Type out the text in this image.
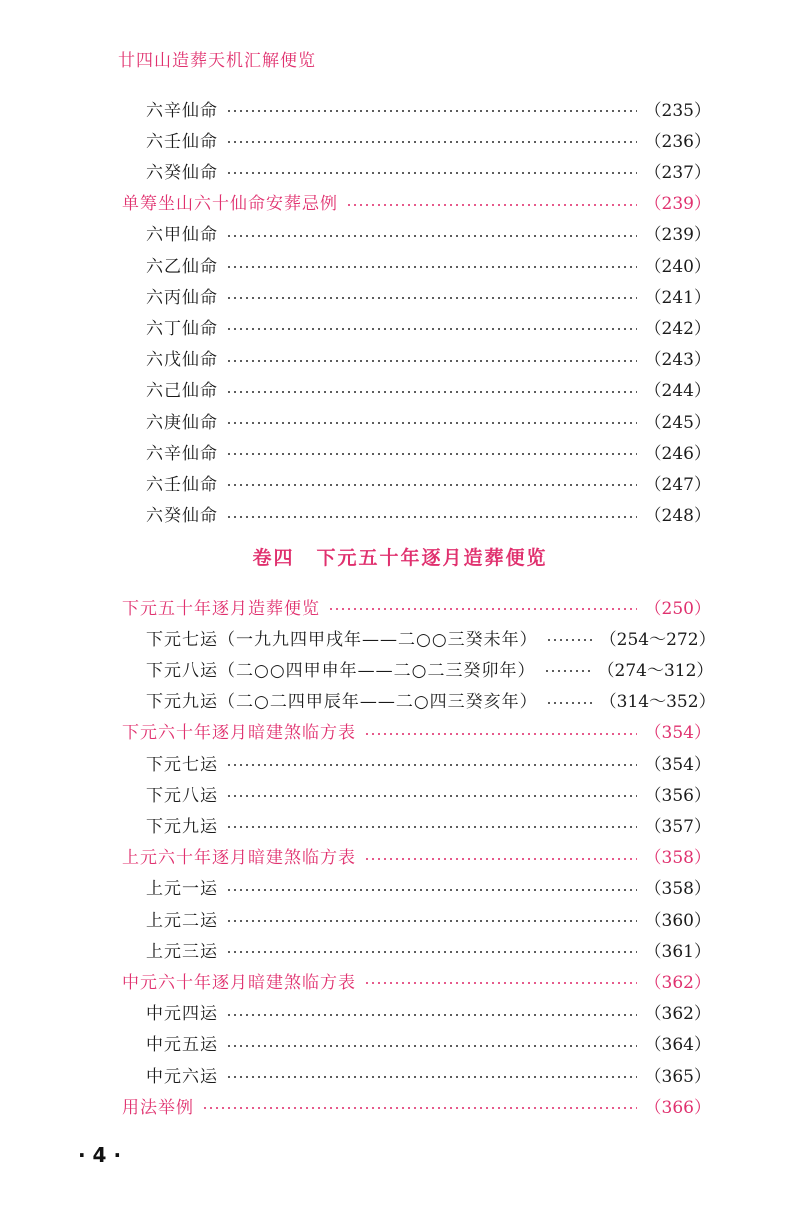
廿四山造葬天机汇解便览
六辛仙命	（235）
六壬仙命	（236）
六癸仙命	（237）
单筹坐山六十仙命安葬忌例	（239）
六甲仙命	（239）
六乙仙命	（240）
六丙仙命	（241）
六丁仙命	（242）
六戊仙命	（243）
六己仙命	（244）
六庚仙命	（245）
六辛仙命	（246）
六壬仙命	（247）
六癸仙命	（248）
下元五十年逐月造葬便览	（250）
下元七运（一九九四甲戌年——二○○三癸未年）	（254～272）
下元八运（二○○四甲申年——二○二三癸卯年）	（274～312）
下元九运（二○二四甲辰年——二○四三癸亥年）	（314～352）
下元六十年逐月暗建煞临方表	（354）
下元七运	（354）
下元八运	（356）
下元九运	（357）
上元六十年逐月暗建煞临方表	（358）
上元一运	（358）
上元二运	（360）
上元三运	（361）
中元六十年逐月暗建煞临方表	（362）
中元四运	（362）
中元五运	（364）
中元六运	（365）
用法举例	（366）
卷四 下元五十年逐月造葬便览
· 4 ·
